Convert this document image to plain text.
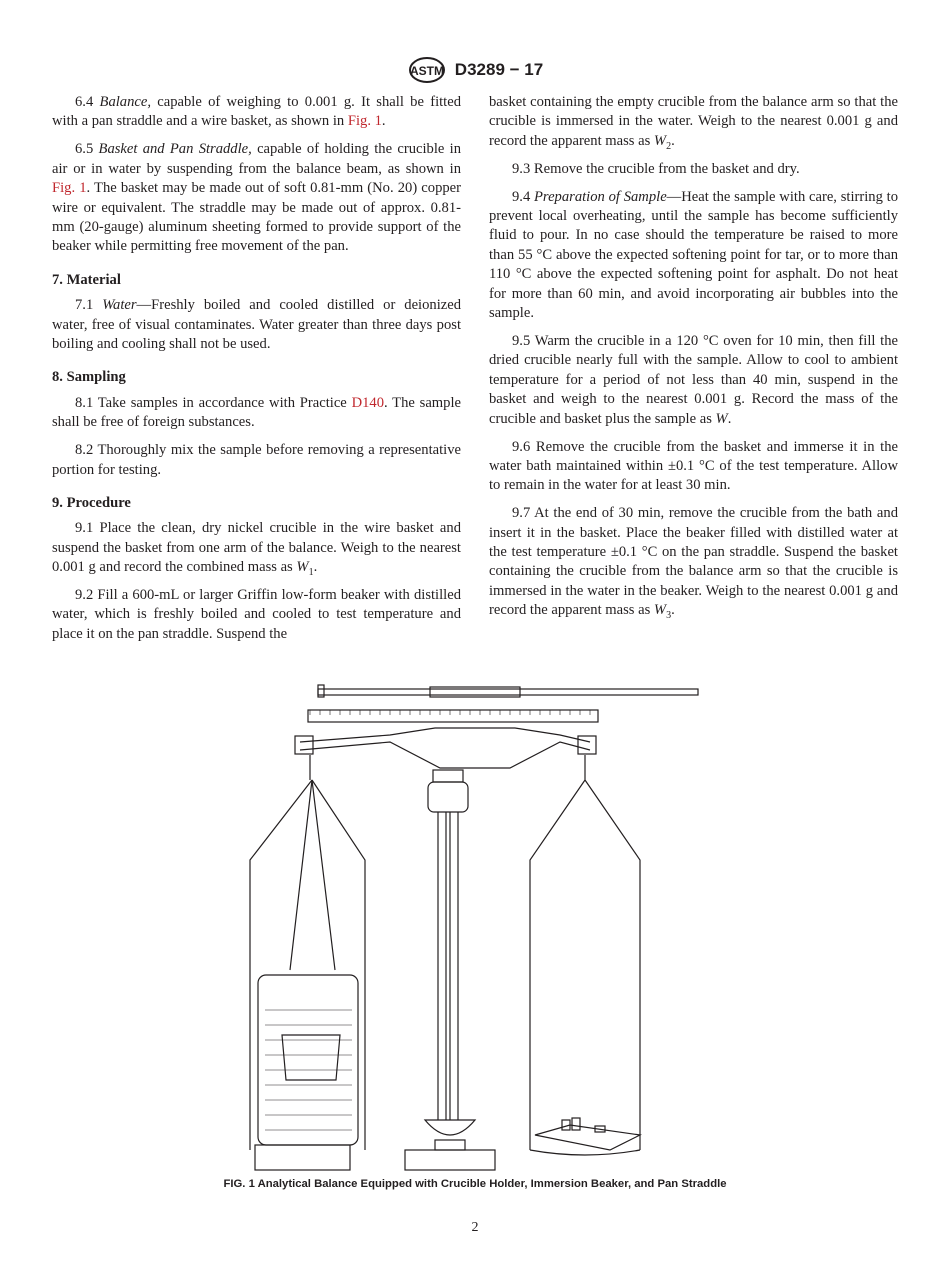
ASTM D3289 − 17
6.4 Balance, capable of weighing to 0.001 g. It shall be fitted with a pan straddle and a wire basket, as shown in Fig. 1.
6.5 Basket and Pan Straddle, capable of holding the crucible in air or in water by suspending from the balance beam, as shown in Fig. 1. The basket may be made out of soft 0.81-mm (No. 20) copper wire or equivalent. The straddle may be made out of approx. 0.81-mm (20-gauge) aluminum sheeting formed to provide support of the beaker while permitting free movement of the pan.
7. Material
7.1 Water—Freshly boiled and cooled distilled or deionized water, free of visual contaminates. Water greater than three days post boiling and cooling shall not be used.
8. Sampling
8.1 Take samples in accordance with Practice D140. The sample shall be free of foreign substances.
8.2 Thoroughly mix the sample before removing a representative portion for testing.
9. Procedure
9.1 Place the clean, dry nickel crucible in the wire basket and suspend the basket from one arm of the balance. Weigh to the nearest 0.001 g and record the combined mass as $W_1$.
9.2 Fill a 600-mL or larger Griffin low-form beaker with distilled water, which is freshly boiled and cooled to test temperature and place it on the pan straddle. Suspend the
basket containing the empty crucible from the balance arm so that the crucible is immersed in the water. Weigh to the nearest 0.001 g and record the apparent mass as $W_2$.
9.3 Remove the crucible from the basket and dry.
9.4 Preparation of Sample—Heat the sample with care, stirring to prevent local overheating, until the sample has become sufficiently fluid to pour. In no case should the temperature be raised to more than 55 °C above the expected softening point for tar, or to more than 110 °C above the expected softening point for asphalt. Do not heat for more than 60 min, and avoid incorporating air bubbles into the sample.
9.5 Warm the crucible in a 120 °C oven for 10 min, then fill the dried crucible nearly full with the sample. Allow to cool to ambient temperature for a period of not less than 40 min, suspend in the basket and weigh to the nearest 0.001 g. Record the mass of the crucible and basket plus the sample as W.
9.6 Remove the crucible from the basket and immerse it in the water bath maintained within ±0.1 °C of the test temperature. Allow to remain in the water for at least 30 min.
9.7 At the end of 30 min, remove the crucible from the bath and insert it in the basket. Place the beaker filled with distilled water at the test temperature ±0.1 °C on the pan straddle. Suspend the basket containing the crucible from the balance arm so that the crucible is immersed in the water in the beaker. Weigh to the nearest 0.001 g and record the apparent mass as $W_3$.
FIG. 1 Analytical Balance Equipped with Crucible Holder, Immersion Beaker, and Pan Straddle
2
